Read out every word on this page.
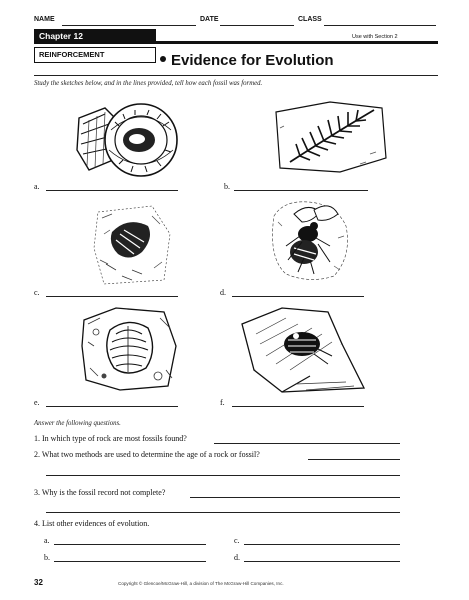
NAME	DATE	CLASS
Chapter 12	Use with Section 2
REINFORCEMENT	Evidence for Evolution
Study the sketches below, and in the lines provided, tell how each fossil was formed.
a.	b.
c.	d.
e.	f.
Answer the following questions.
1. In which type of rock are most fossils found?
2. What two methods are used to determine the age of a rock or fossil?
3. Why is the fossil record not complete?
4. List other evidences of evolution.
a.	c.
b.	d.
32	Copyright © Glencoe/McGraw-Hill, a division of The McGraw-Hill Companies, Inc.
